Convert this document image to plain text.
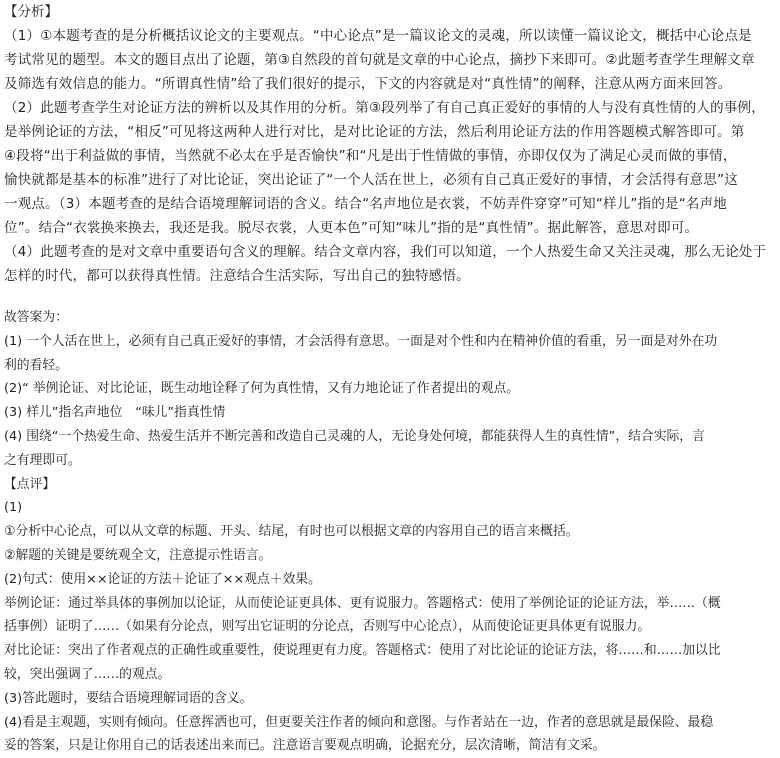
【分析】
（1）①本题考查的是分析概括议论文的主要观点。“中心论点”是一篇议论文的灵魂，所以读懂一篇议论文，概括中心论点是
考试常见的题型。本文的题目点出了论题，第③自然段的首句就是文章的中心论点，摘抄下来即可。②此题考查学生理解文章
及筛选有效信息的能力。“所谓真性情”给了我们很好的提示，下文的内容就是对“真性情”的阐释，注意从两方面来回答。
（2）此题考查学生对论证方法的辨析以及其作用的分析。第③段列举了有自己真正爱好的事情的人与没有真性情的人的事例，
是举例论证的方法，“相反”可见将这两种人进行对比，是对比论证的方法，然后利用论证方法的作用答题模式解答即可。第
④段将“出于利益做的事情，当然就不必太在乎是否愉快”和“凡是出于性情做的事情，亦即仅仅为了满足心灵而做的事情，
愉快就都是基本的标准”进行了对比论证，突出论证了“一个人活在世上，必须有自己真正爱好的事情，才会活得有意思”这
一观点。（3）本题考查的是结合语境理解词语的含义。结合“名声地位是衣裳，不妨弄件穿穿”可知“样儿”指的是“名声地
位”。结合“衣裳换来换去，我还是我。脱尽衣裳，人更本色”可知“味儿”指的是“真性情”。据此解答，意思对即可。
（4）此题考查的是对文章中重要语句含义的理解。结合文章内容，我们可以知道，一个人热爱生命又关注灵魂，那么无论处于
怎样的时代，都可以获得真性情。注意结合生活实际，写出自己的独特感悟。
故答案为：
(1) 一个人活在世上，必须有自己真正爱好的事情，才会活得有意思。一面是对个性和内在精神价值的看重，另一面是对外在功
利的看轻。
(2)“ 举例论证、对比论证，既生动地诠释了何为真性情，又有力地论证了作者提出的观点。
(3) 样儿”指名声地位　“味儿”指真性情
(4) 围绕“一个热爱生命、热爱生活并不断完善和改造自己灵魂的人，无论身处何境，都能获得人生的真性情”，结合实际，言
之有理即可。
【点评】
(1)
①分析中心论点，可以从文章的标题、开头、结尾，有时也可以根据文章的内容用自己的语言来概括。
②解题的关键是要统观全文，注意提示性语言。
(2)句式：使用××论证的方法＋论证了××观点＋效果。
举例论证：通过举具体的事例加以论证，从而使论证更具体、更有说服力。答题格式：使用了举例论证的论证方法，举……（概
括事例）证明了……（如果有分论点，则写出它证明的分论点，否则写中心论点），从而使论证更具体更有说服力。
对比论证：突出了作者观点的正确性或重要性，使说理更有力度。答题格式：使用了对比论证的论证方法，将……和……加以比
较，突出强调了……的观点。
(3)答此题时，要结合语境理解词语的含义。
(4)看是主观题，实则有倾向。任意挥洒也可，但更要关注作者的倾向和意图。与作者站在一边，作者的意思就是最保险、最稳
妥的答案，只是让你用自己的话表述出来而已。注意语言要观点明确，论据充分，层次清晰，简洁有文采。
